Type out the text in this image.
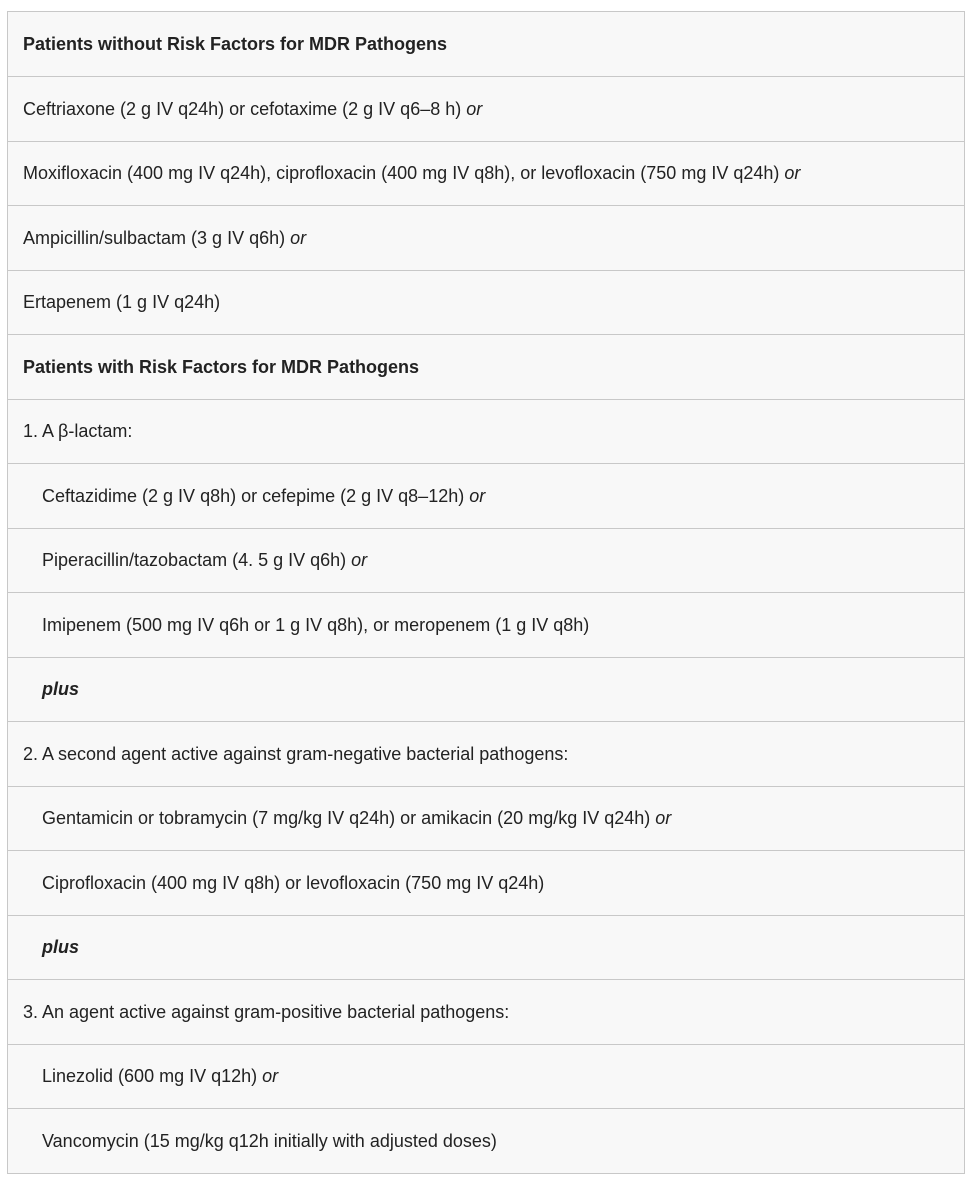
Patients without Risk Factors for MDR Pathogens
Ceftriaxone (2 g IV q24h) or cefotaxime (2 g IV q6–8 h) or
Moxifloxacin (400 mg IV q24h), ciprofloxacin (400 mg IV q8h), or levofloxacin (750 mg IV q24h) or
Ampicillin/sulbactam (3 g IV q6h) or
Ertapenem (1 g IV q24h)
Patients with Risk Factors for MDR Pathogens
1. A β-lactam:
Ceftazidime (2 g IV q8h) or cefepime (2 g IV q8–12h) or
Piperacillin/tazobactam (4. 5 g IV q6h) or
Imipenem (500 mg IV q6h or 1 g IV q8h), or meropenem (1 g IV q8h)
plus
2. A second agent active against gram-negative bacterial pathogens:
Gentamicin or tobramycin (7 mg/kg IV q24h) or amikacin (20 mg/kg IV q24h) or
Ciprofloxacin (400 mg IV q8h) or levofloxacin (750 mg IV q24h)
plus
3. An agent active against gram-positive bacterial pathogens:
Linezolid (600 mg IV q12h) or
Vancomycin (15 mg/kg q12h initially with adjusted doses)
